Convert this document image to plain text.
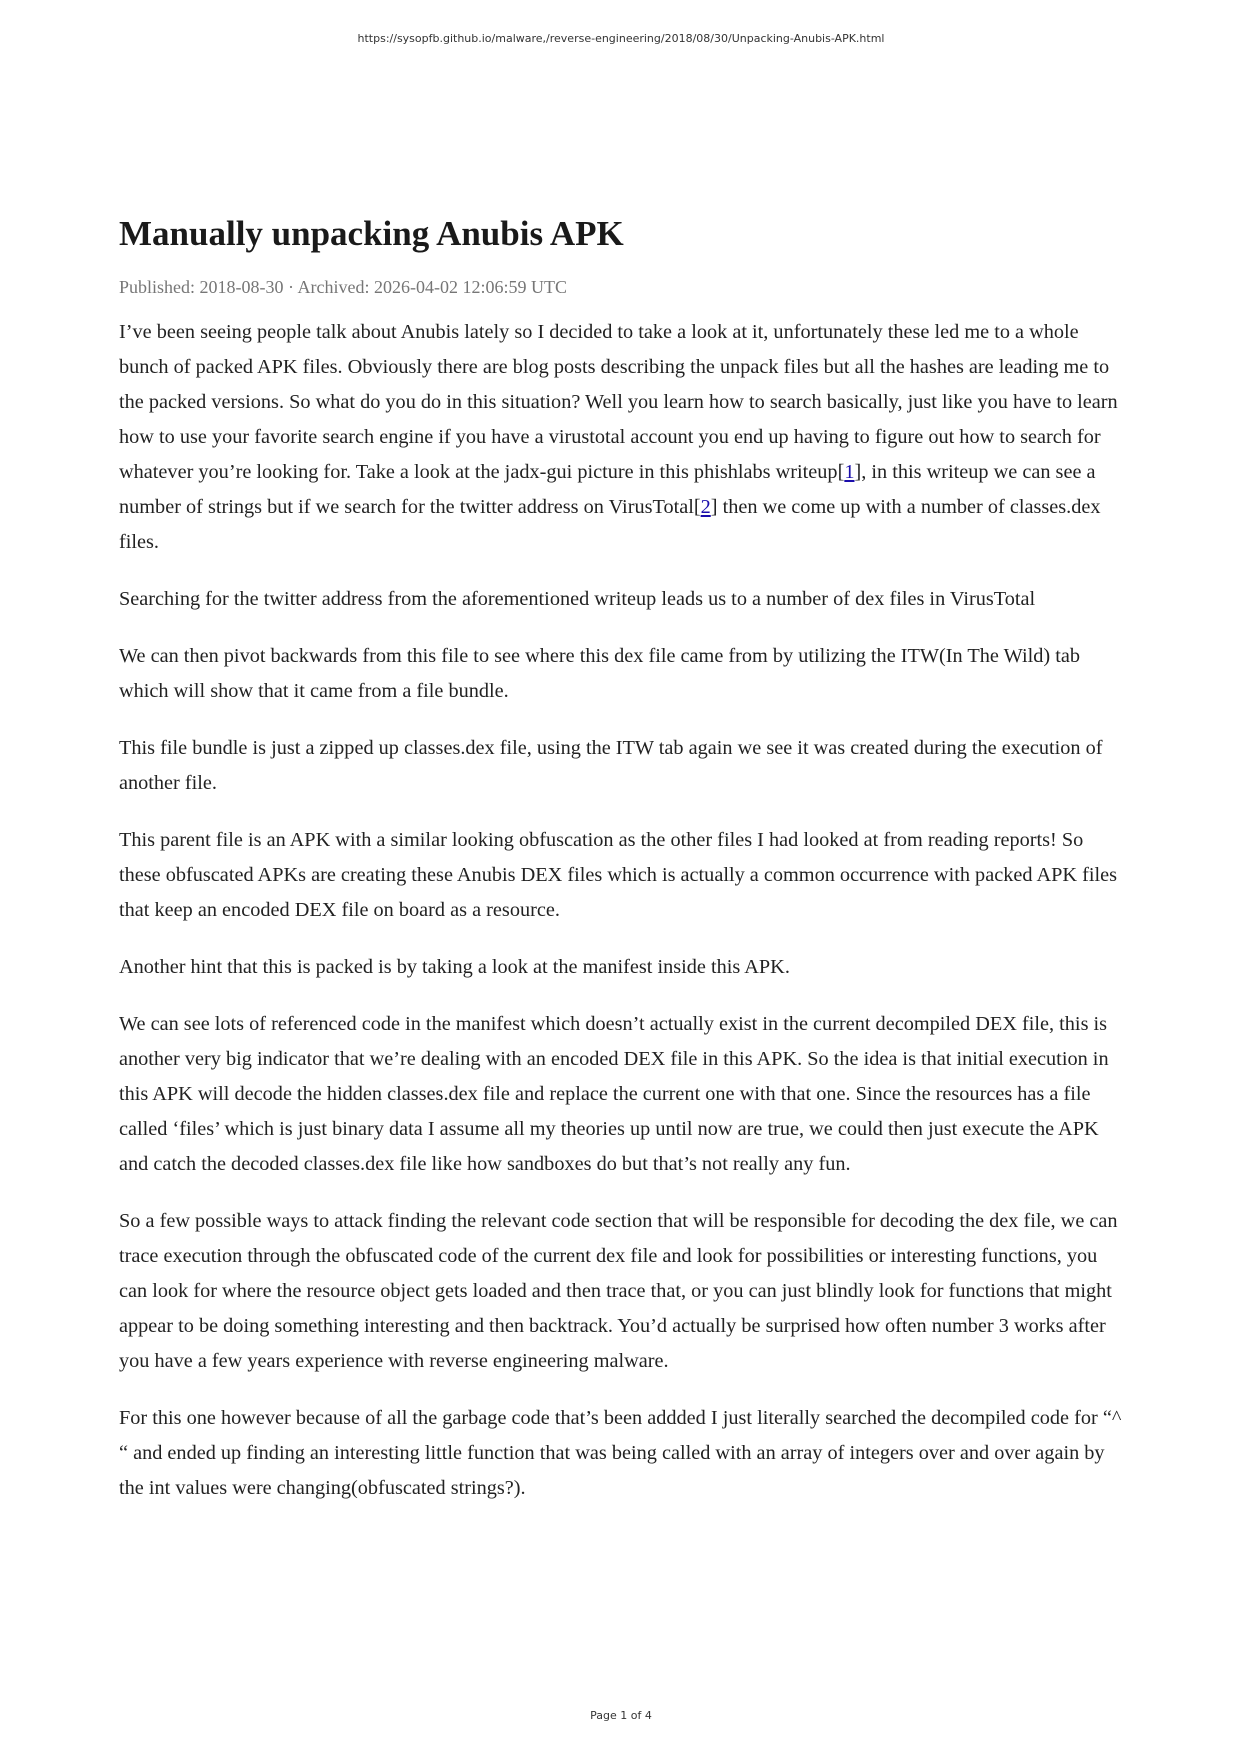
https://sysopfb.github.io/malware,/reverse-engineering/2018/08/30/Unpacking-Anubis-APK.html
Manually unpacking Anubis APK
Published: 2018-08-30 · Archived: 2026-04-02 12:06:59 UTC

I’ve been seeing people talk about Anubis lately so I decided to take a look at it, unfortunately these led me to a whole bunch of packed APK files. Obviously there are blog posts describing the unpack files but all the hashes are leading me to the packed versions. So what do you do in this situation? Well you learn how to search basically, just like you have to learn how to use your favorite search engine if you have a virustotal account you end up having to figure out how to search for whatever you’re looking for. Take a look at the jadx-gui picture in this phishlabs writeup[1], in this writeup we can see a number of strings but if we search for the twitter address on VirusTotal[2] then we come up with a number of classes.dex files.

Searching for the twitter address from the aforementioned writeup leads us to a number of dex files in VirusTotal

We can then pivot backwards from this file to see where this dex file came from by utilizing the ITW(In The Wild) tab which will show that it came from a file bundle.

This file bundle is just a zipped up classes.dex file, using the ITW tab again we see it was created during the execution of another file.

This parent file is an APK with a similar looking obfuscation as the other files I had looked at from reading reports! So these obfuscated APKs are creating these Anubis DEX files which is actually a common occurrence with packed APK files that keep an encoded DEX file on board as a resource.

Another hint that this is packed is by taking a look at the manifest inside this APK.

We can see lots of referenced code in the manifest which doesn’t actually exist in the current decompiled DEX file, this is another very big indicator that we’re dealing with an encoded DEX file in this APK. So the idea is that initial execution in this APK will decode the hidden classes.dex file and replace the current one with that one. Since the resources has a file called ‘files’ which is just binary data I assume all my theories up until now are true, we could then just execute the APK and catch the decoded classes.dex file like how sandboxes do but that’s not really any fun.

So a few possible ways to attack finding the relevant code section that will be responsible for decoding the dex file, we can trace execution through the obfuscated code of the current dex file and look for possibilities or interesting functions, you can look for where the resource object gets loaded and then trace that, or you can just blindly look for functions that might appear to be doing something interesting and then backtrack. You’d actually be surprised how often number 3 works after you have a few years experience with reverse engineering malware.

For this one however because of all the garbage code that’s been addded I just literally searched the decompiled code for “^ “ and ended up finding an interesting little function that was being called with an array of integers over and over again by the int values were changing(obfuscated strings?).

Page 1 of 4
